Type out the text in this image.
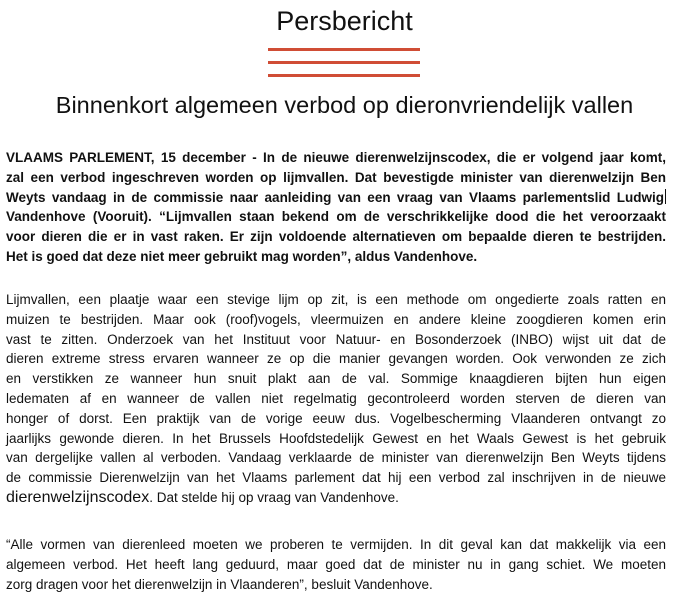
Persbericht
Binnenkort algemeen verbod op dieronvriendelijk vallen

VLAAMS PARLEMENT, 15 december - In de nieuwe dierenwelzijnscodex, die er volgend jaar komt,
zal een verbod ingeschreven worden op lijmvallen. Dat bevestigde minister van dierenwelzijn Ben
Weyts vandaag in de commissie naar aanleiding van een vraag van Vlaams parlementslid Ludwig
Vandenhove (Vooruit). “Lijmvallen staan bekend om de verschrikkelijke dood die het veroorzaakt
voor dieren die er in vast raken. Er zijn voldoende alternatieven om bepaalde dieren te bestrijden.
Het is goed dat deze niet meer gebruikt mag worden”, aldus Vandenhove.

Lijmvallen, een plaatje waar een stevige lijm op zit, is een methode om ongedierte zoals ratten en
muizen te bestrijden. Maar ook (roof)vogels, vleermuizen en andere kleine zoogdieren komen erin
vast te zitten. Onderzoek van het Instituut voor Natuur- en Bosonderzoek (INBO) wijst uit dat de
dieren extreme stress ervaren wanneer ze op die manier gevangen worden. Ook verwonden ze zich
en verstikken ze wanneer hun snuit plakt aan de val. Sommige knaagdieren bijten hun eigen
ledematen af en wanneer de vallen niet regelmatig gecontroleerd worden sterven de dieren van
honger of dorst. Een praktijk van de vorige eeuw dus. Vogelbescherming Vlaanderen ontvangt zo
jaarlijks gewonde dieren. In het Brussels Hoofdstedelijk Gewest en het Waals Gewest is het gebruik
van dergelijke vallen al verboden. Vandaag verklaarde de minister van dierenwelzijn Ben Weyts tijdens
de commissie Dierenwelzijn van het Vlaams parlement dat hij een verbod zal inschrijven in de nieuwe
dierenwelzijnscodex. Dat stelde hij op vraag van Vandenhove.

“Alle vormen van dierenleed moeten we proberen te vermijden. In dit geval kan dat makkelijk via een
algemeen verbod. Het heeft lang geduurd, maar goed dat de minister nu in gang schiet. We moeten
zorg dragen voor het dierenwelzijn in Vlaanderen”, besluit Vandenhove.
